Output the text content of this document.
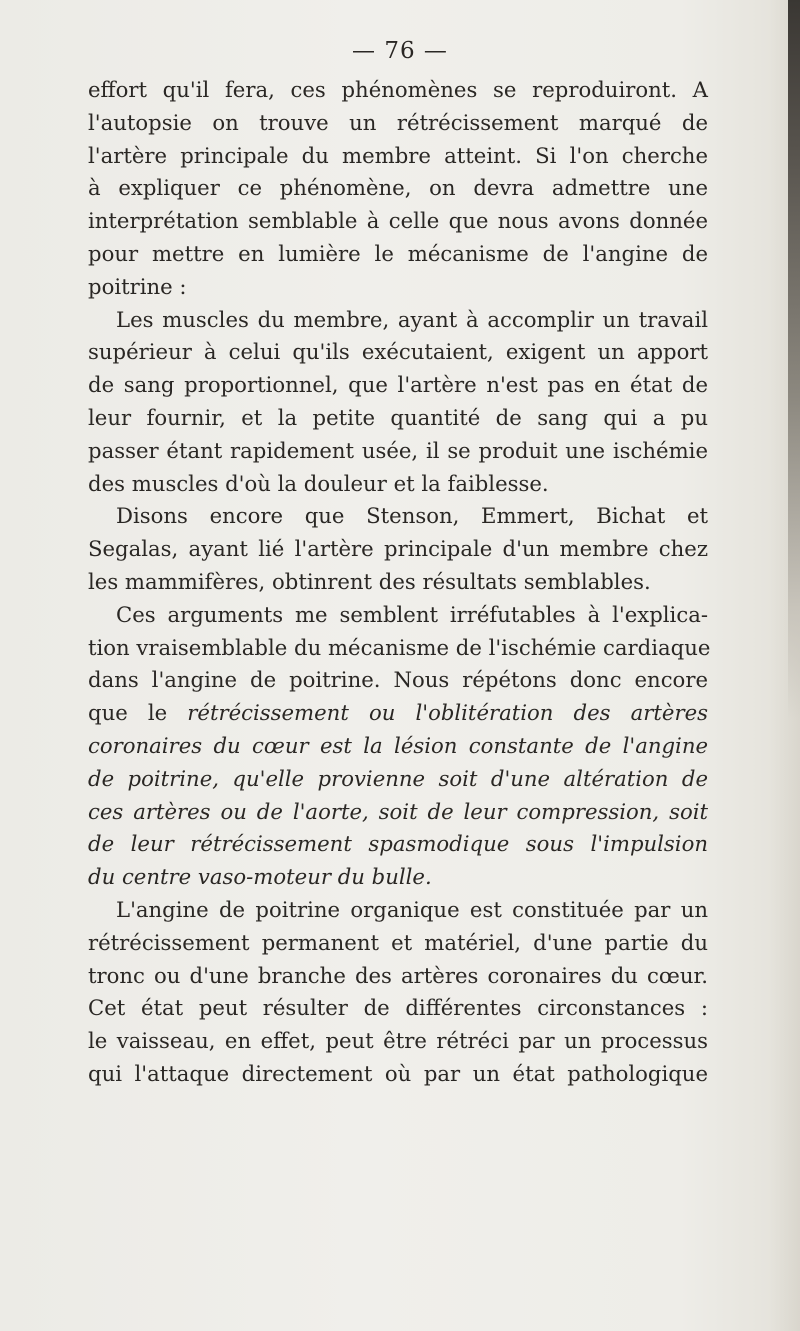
— 76 —
effort qu'il fera, ces phénomènes se reproduiront. A
l'autopsie on trouve un rétrécissement marqué de
l'artère principale du membre atteint. Si l'on cherche
à expliquer ce phénomène, on devra admettre une
interprétation semblable à celle que nous avons donnée
pour mettre en lumière le mécanisme de l'angine de
poitrine :
Les muscles du membre, ayant à accomplir un travail
supérieur à celui qu'ils exécutaient, exigent un apport
de sang proportionnel, que l'artère n'est pas en état de
leur fournir, et la petite quantité de sang qui a pu
passer étant rapidement usée, il se produit une ischémie
des muscles d'où la douleur et la faiblesse.
Disons encore que Stenson, Emmert, Bichat et
Segalas, ayant lié l'artère principale d'un membre chez
les mammifères, obtinrent des résultats semblables.
Ces arguments me semblent irréfutables à l'explica-
tion vraisemblable du mécanisme de l'ischémie cardiaque
dans l'angine de poitrine. Nous répétons donc encore
que le rétrécissement ou l'oblitération des artères
coronaires du cœur est la lésion constante de l'angine
de poitrine, qu'elle provienne soit d'une altération de
ces artères ou de l'aorte, soit de leur compression, soit
de leur rétrécissement spasmodique sous l'impulsion
du centre vaso-moteur du bulle.
L'angine de poitrine organique est constituée par un
rétrécissement permanent et matériel, d'une partie du
tronc ou d'une branche des artères coronaires du cœur.
Cet état peut résulter de différentes circonstances :
le vaisseau, en effet, peut être rétréci par un processus
qui l'attaque directement où par un état pathologique
